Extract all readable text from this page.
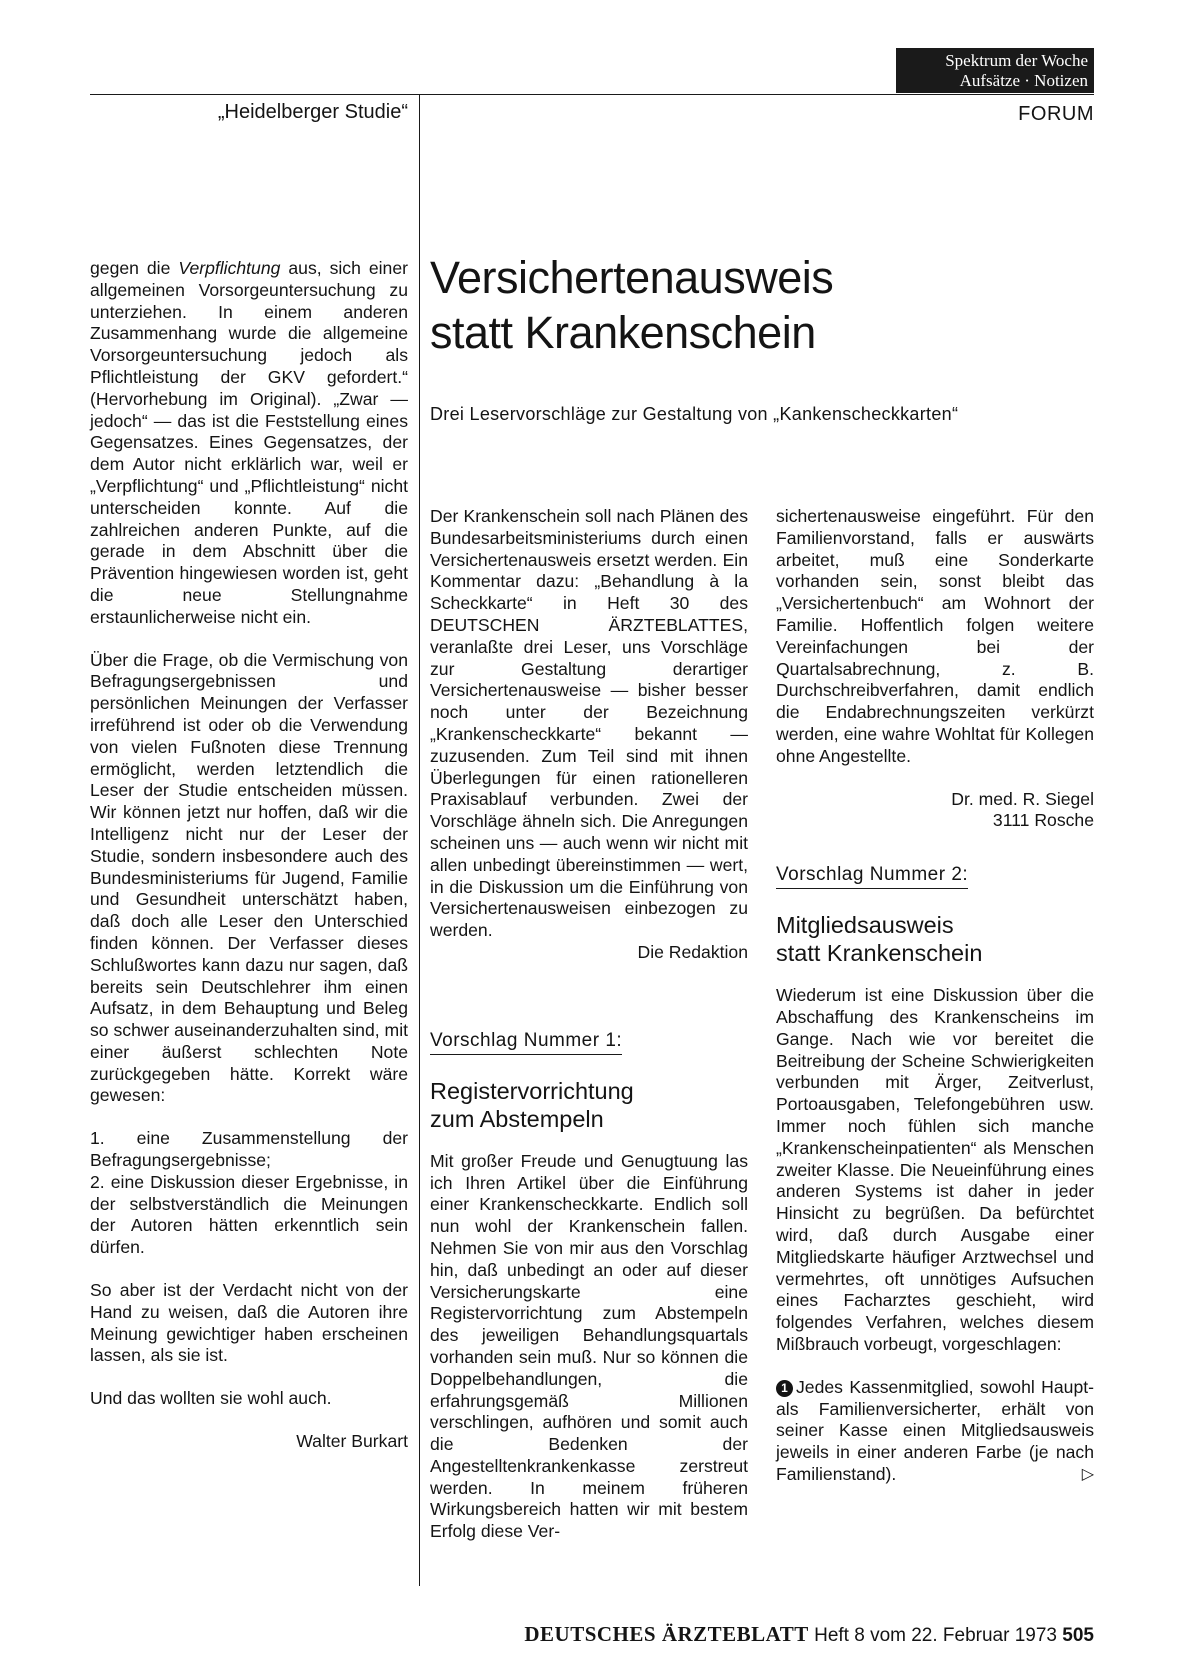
Spektrum der Woche
Aufsätze · Notizen
„Heidelberger Studie“	FORUM

gegen die Verpflichtung aus, sich einer allgemeinen Vorsorgeuntersuchung zu unterziehen. In einem anderen Zusammenhang wurde die allgemeine Vorsorgeuntersuchung jedoch als Pflichtleistung der GKV gefordert.“ (Hervorhebung im Original). „Zwar — jedoch“ — das ist die Feststellung eines Gegensatzes. Eines Gegensatzes, der dem Autor nicht erklärlich war, weil er „Verpflichtung“ und „Pflichtleistung“ nicht unterscheiden konnte. Auf die zahlreichen anderen Punkte, auf die gerade in dem Abschnitt über die Prävention hingewiesen worden ist, geht die neue Stellungnahme erstaunlicherweise nicht ein.

Über die Frage, ob die Vermischung von Befragungsergebnissen und persönlichen Meinungen der Verfasser irreführend ist oder ob die Verwendung von vielen Fußnoten diese Trennung ermöglicht, werden letztendlich die Leser der Studie entscheiden müssen. Wir können jetzt nur hoffen, daß wir die Intelligenz nicht nur der Leser der Studie, sondern insbesondere auch des Bundesministeriums für Jugend, Familie und Gesundheit unterschätzt haben, daß doch alle Leser den Unterschied finden können. Der Verfasser dieses Schlußwortes kann dazu nur sagen, daß bereits sein Deutschlehrer ihm einen Aufsatz, in dem Behauptung und Beleg so schwer auseinanderzuhalten sind, mit einer äußerst schlechten Note zurückgegeben hätte. Korrekt wäre gewesen:

1. eine Zusammenstellung der Befragungsergebnisse;

2. eine Diskussion dieser Ergebnisse, in der selbstverständlich die Meinungen der Autoren hätten erkenntlich sein dürfen.

So aber ist der Verdacht nicht von der Hand zu weisen, daß die Autoren ihre Meinung gewichtiger haben erscheinen lassen, als sie ist.

Und das wollten sie wohl auch.

Walter Burkart

Versichertenausweis
statt Krankenschein
Drei Leservorschläge zur Gestaltung von „Kankenscheckkarten“

Der Krankenschein soll nach Plänen des Bundesarbeitsministeriums durch einen Versichertenausweis ersetzt werden. Ein Kommentar dazu: „Behandlung à la Scheckkarte“ in Heft 30 des DEUTSCHEN ÄRZTEBLATTES, veranlaßte drei Leser, uns Vorschläge zur Gestaltung derartiger Versichertenausweise — bisher besser noch unter der Bezeichnung „Krankenscheckkarte“ bekannt — zuzusenden. Zum Teil sind mit ihnen Überlegungen für einen rationelleren Praxisablauf verbunden. Zwei der Vorschläge ähneln sich. Die Anregungen scheinen uns — auch wenn wir nicht mit allen unbedingt übereinstimmen — wert, in die Diskussion um die Einführung von Versichertenausweisen einbezogen zu werden.

Die Redaktion

Vorschlag Nummer 1:
Registervorrichtung
zum Abstempeln

Mit großer Freude und Genugtuung las ich Ihren Artikel über die Einführung einer Krankenscheckkarte. Endlich soll nun wohl der Krankenschein fallen. Nehmen Sie von mir aus den Vorschlag hin, daß unbedingt an oder auf dieser Versicherungskarte eine Registervorrichtung zum Abstempeln des jeweiligen Behandlungsquartals vorhanden sein muß. Nur so können die Doppelbehandlungen, die erfahrungsgemäß Millionen verschlingen, aufhören und somit auch die Bedenken der Angestelltenkrankenkasse zerstreut werden. In meinem früheren Wirkungsbereich hatten wir mit bestem Erfolg diese Ver-

sichertenausweise eingeführt. Für den Familienvorstand, falls er auswärts arbeitet, muß eine Sonderkarte vorhanden sein, sonst bleibt das „Versichertenbuch“ am Wohnort der Familie. Hoffentlich folgen weitere Vereinfachungen bei der Quartalsabrechnung, z. B. Durchschreibverfahren, damit endlich die Endabrechnungszeiten verkürzt werden, eine wahre Wohltat für Kollegen ohne Angestellte.

Dr. med. R. Siegel
3111 Rosche

Vorschlag Nummer 2:
Mitgliedsausweis
statt Krankenschein

Wiederum ist eine Diskussion über die Abschaffung des Krankenscheins im Gange. Nach wie vor bereitet die Beitreibung der Scheine Schwierigkeiten verbunden mit Ärger, Zeitverlust, Portoausgaben, Telefongebühren usw. Immer noch fühlen sich manche „Krankenscheinpatienten“ als Menschen zweiter Klasse. Die Neueinführung eines anderen Systems ist daher in jeder Hinsicht zu begrüßen. Da befürchtet wird, daß durch Ausgabe einer Mitgliedskarte häufiger Arztwechsel und vermehrtes, oft unnötiges Aufsuchen eines Facharztes geschieht, wird folgendes Verfahren, welches diesem Mißbrauch vorbeugt, vorgeschlagen:

1 Jedes Kassenmitglied, sowohl Haupt- als Familienversicherter, erhält von seiner Kasse einen Mitgliedsausweis jeweils in einer anderen Farbe (je nach Familienstand).	▷

DEUTSCHES ÄRZTEBLATT Heft 8 vom 22. Februar 1973 505
